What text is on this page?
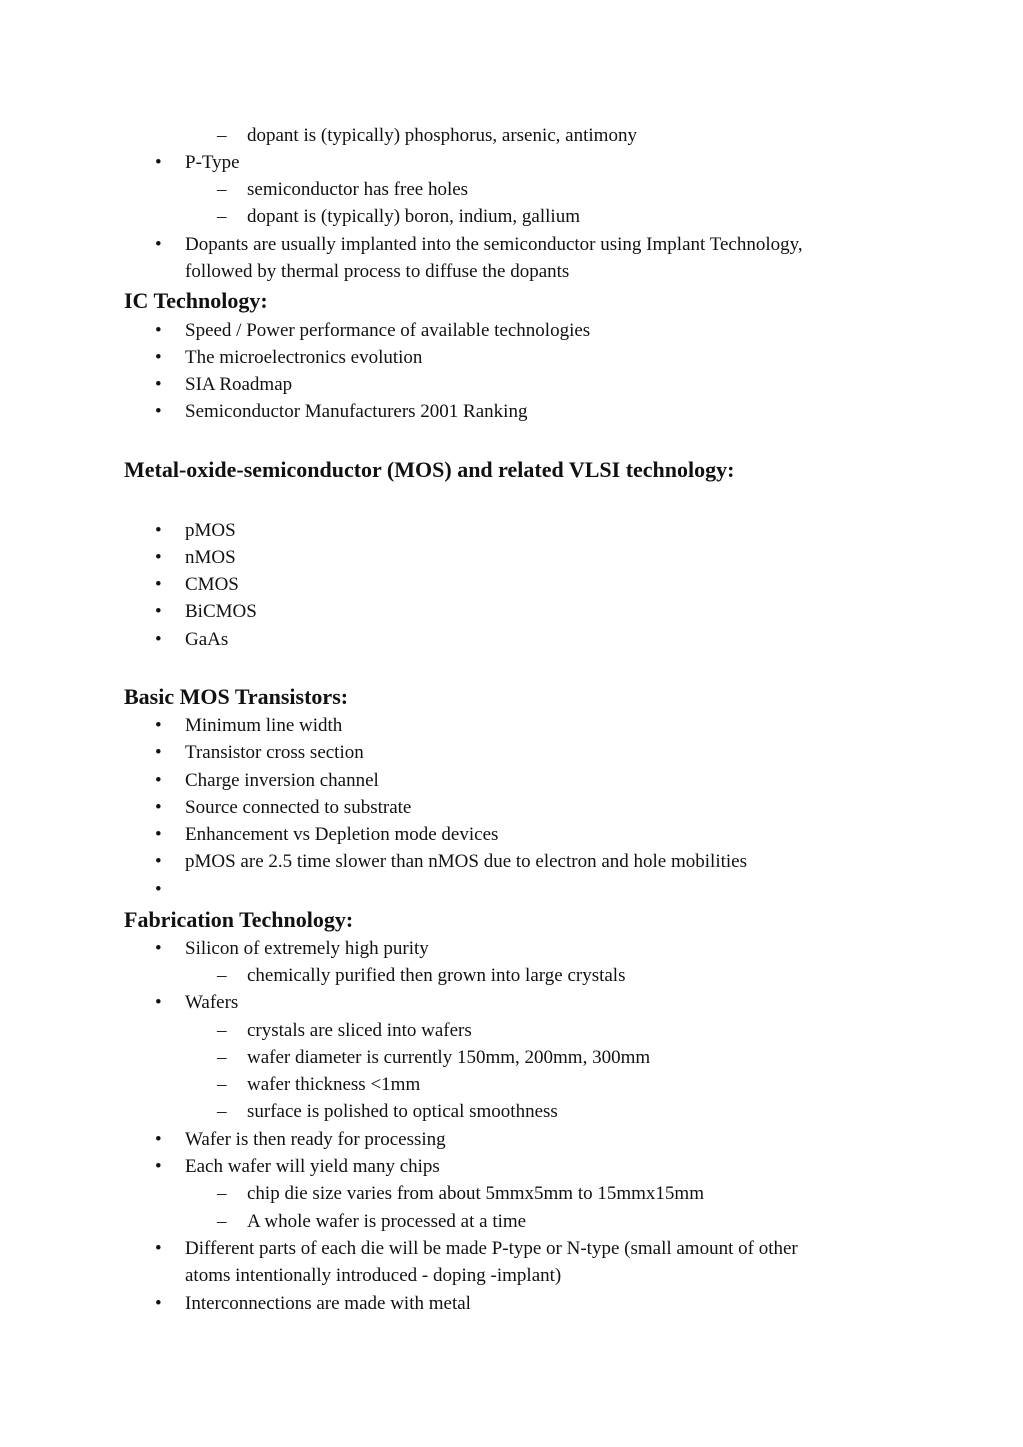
– dopant is (typically) phosphorus, arsenic, antimony
• P-Type
– semiconductor has free holes
– dopant is (typically) boron, indium, gallium
• Dopants are usually implanted into the semiconductor using Implant Technology,
followed by thermal process to diffuse the dopants
IC Technology:
• Speed / Power performance of available technologies
• The microelectronics evolution
• SIA Roadmap
• Semiconductor Manufacturers 2001 Ranking
Metal-oxide-semiconductor (MOS) and related VLSI technology:
• pMOS
• nMOS
• CMOS
• BiCMOS
• GaAs
Basic MOS Transistors:
• Minimum line width
• Transistor cross section
• Charge inversion channel
• Source connected to substrate
• Enhancement vs Depletion mode devices
• pMOS are 2.5 time slower than nMOS due to electron and hole mobilities
•
Fabrication Technology:
• Silicon of extremely high purity
– chemically purified then grown into large crystals
• Wafers
– crystals are sliced into wafers
– wafer diameter is currently 150mm, 200mm, 300mm
– wafer thickness <1mm
– surface is polished to optical smoothness
• Wafer is then ready for processing
• Each wafer will yield many chips
– chip die size varies from about 5mmx5mm to 15mmx15mm
– A whole wafer is processed at a time
• Different parts of each die will be made P-type or N-type (small amount of other
atoms intentionally introduced - doping -implant)
• Interconnections are made with metal
